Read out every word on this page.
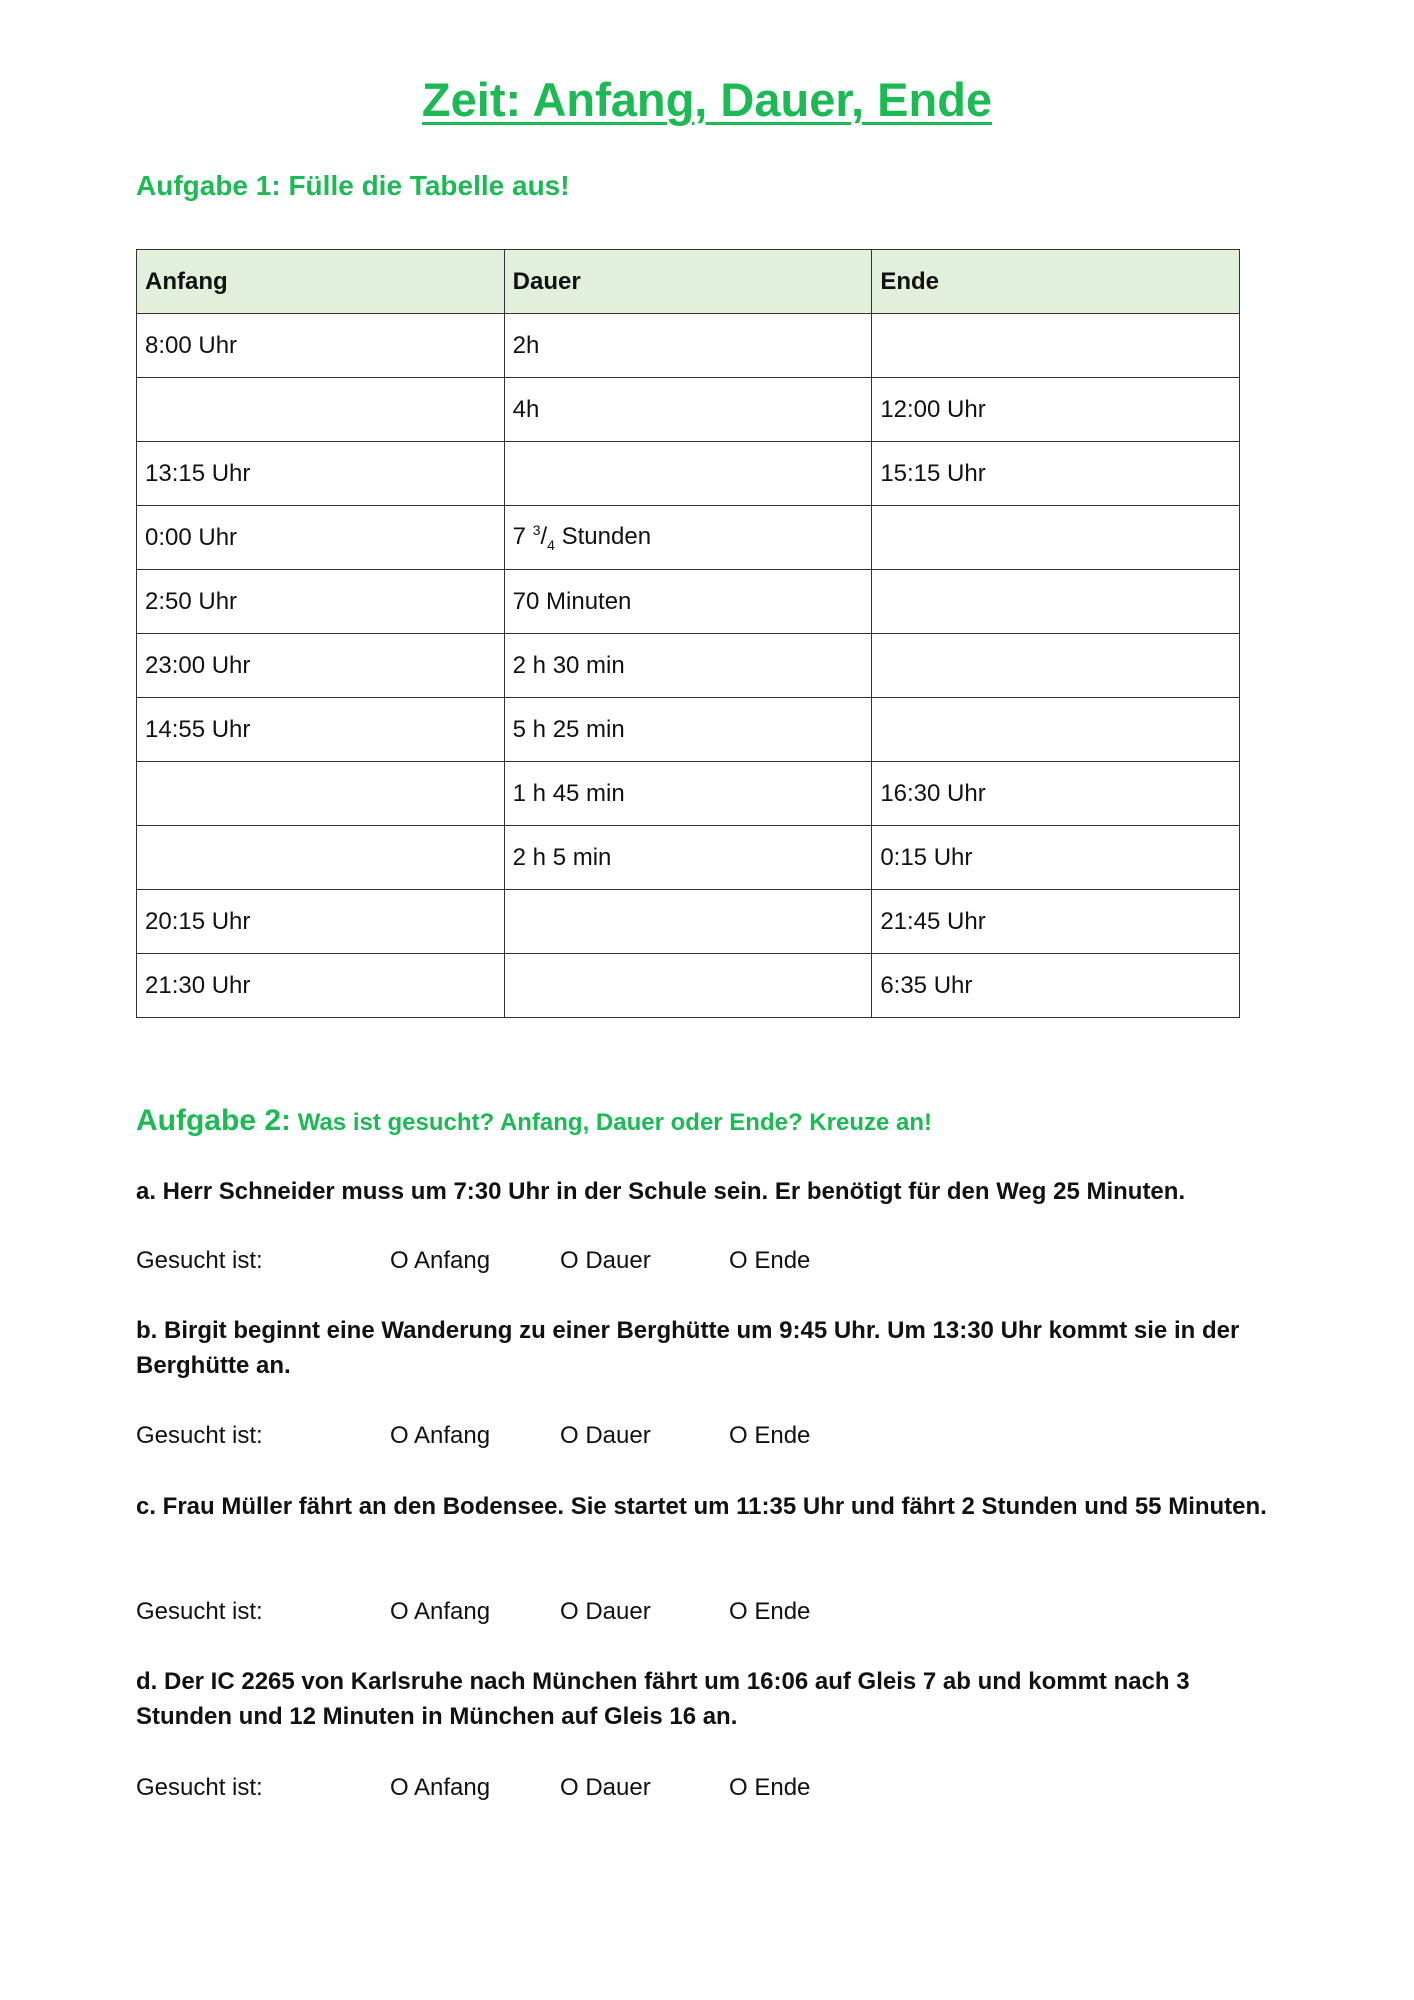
Zeit: Anfang, Dauer, Ende
Aufgabe 1: Fülle die Tabelle aus!
Anfang	Dauer	Ende
8:00 Uhr	2h	
	4h	12:00 Uhr
13:15 Uhr		15:15 Uhr
0:00 Uhr	7 $^3/_4$ Stunden	
2:50 Uhr	70 Minuten	
23:00 Uhr	2 h 30 min	
14:55 Uhr	5 h 25 min	
	1 h 45 min	16:30 Uhr
	2 h 5 min	0:15 Uhr
20:15 Uhr		21:45 Uhr
21:30 Uhr		6:35 Uhr
Aufgabe 2: Was ist gesucht? Anfang, Dauer oder Ende? Kreuze an!

a. Herr Schneider muss um 7:30 Uhr in der Schule sein. Er benötigt für den Weg 25 Minuten.

Gesucht ist:	O Anfang	O Dauer	O Ende

b. Birgit beginnt eine Wanderung zu einer Berghütte um 9:45 Uhr. Um 13:30 Uhr kommt sie in der Berghütte an.

Gesucht ist:	O Anfang	O Dauer	O Ende

c. Frau Müller fährt an den Bodensee. Sie startet um 11:35 Uhr und fährt 2 Stunden und 55 Minuten.

Gesucht ist:	O Anfang	O Dauer	O Ende

d. Der IC 2265 von Karlsruhe nach München fährt um 16:06 auf Gleis 7 ab und kommt nach 3 Stunden und 12 Minuten in München auf Gleis 16 an.

Gesucht ist:	O Anfang	O Dauer	O Ende
